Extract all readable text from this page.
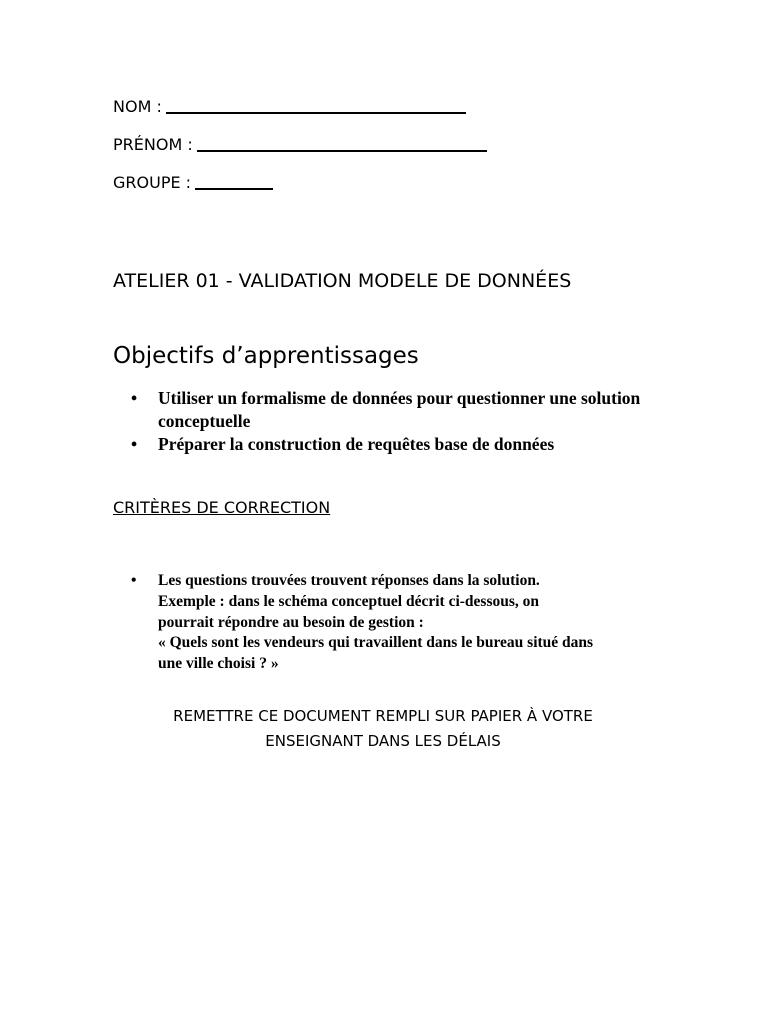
NOM :
PRÉNOM :
GROUPE :
ATELIER 01 - VALIDATION MODELE DE DONNÉES
Objectifs d’apprentissages
• Utiliser un formalisme de données pour questionner une solution conceptuelle
• Préparer la construction de requêtes base de données
CRITÈRES DE CORRECTION
• Les questions trouvées trouvent réponses dans la solution.
Exemple : dans le schéma conceptuel décrit ci-dessous, on
pourrait répondre au besoin de gestion :
« Quels sont les vendeurs qui travaillent dans le bureau situé dans
une ville choisi ? »
REMETTRE CE DOCUMENT REMPLI SUR PAPIER À VOTRE
ENSEIGNANT DANS LES DÉLAIS
